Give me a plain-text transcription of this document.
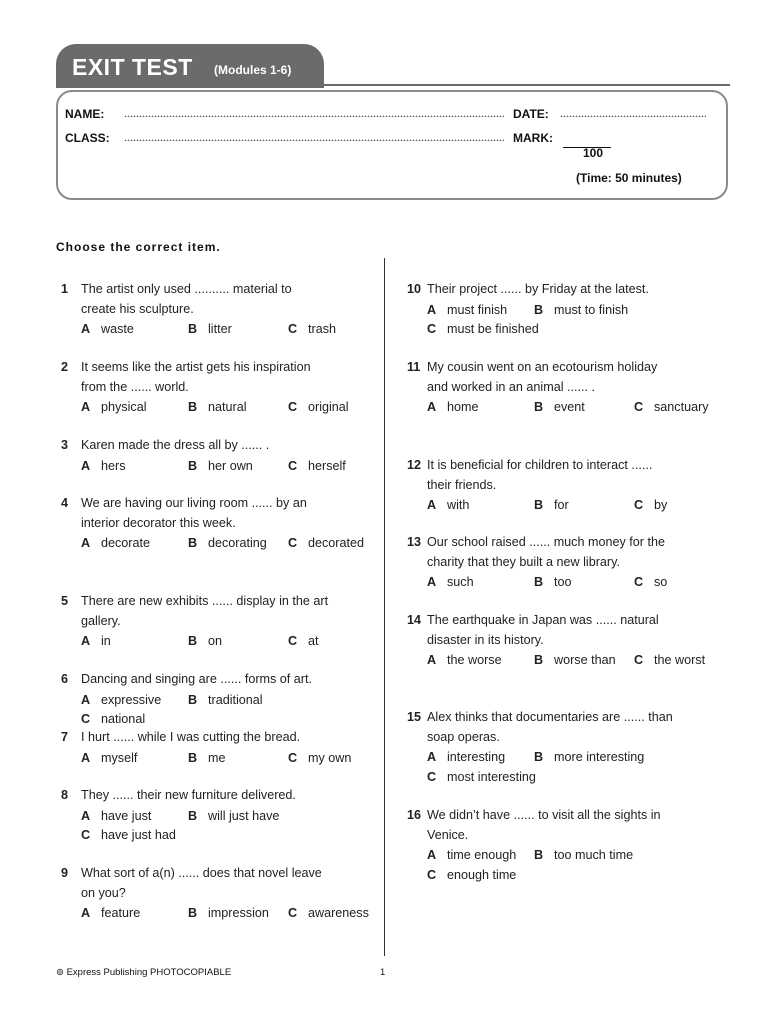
EXIT TEST (Modules 1-6)
NAME:
CLASS:
DATE:
MARK:
100
(Time: 50 minutes)
Choose the correct item.
1 The artist only used .......... material to
create his sculpture.
A waste	B litter	C trash
2 It seems like the artist gets his inspiration
from the ...... world.
A physical	B natural	C original
3 Karen made the dress all by ...... .
A hers	B her own	C herself
4 We are having our living room ...... by an
interior decorator this week.
A decorate	B decorating C decorated
5 There are new exhibits ...... display in the art
gallery.
A in	B on	C at
6 Dancing and singing are ...... forms of art.
A expressive B traditional
C national
7 I hurt ...... while I was cutting the bread.
A myself	B me	C my own
8 They ...... their new furniture delivered.
A have just	B will just have
C have just had
9 What sort of a(n) ...... does that novel leave
on you?
A feature	B impression C awareness
10 Their project ...... by Friday at the latest.
A must finish B must to finish
C must be finished
11 My cousin went on an ecotourism holiday
and worked in an animal ...... .
A home	B event	C sanctuary
12 It is beneficial for children to interact ......
their friends.
A with	B for	C by
13 Our school raised ...... much money for the
charity that they built a new library.
A such	B too	C so
14 The earthquake in Japan was ...... natural
disaster in its history.
A the worse	B worse than C the worst
15 Alex thinks that documentaries are ...... than
soap operas.
A interesting B more interesting
C most interesting
16 We didn’t have ...... to visit all the sights in
Venice.
A time enough B too much time
C enough time
⊚ Express Publishing PHOTOCOPIABLE	1
